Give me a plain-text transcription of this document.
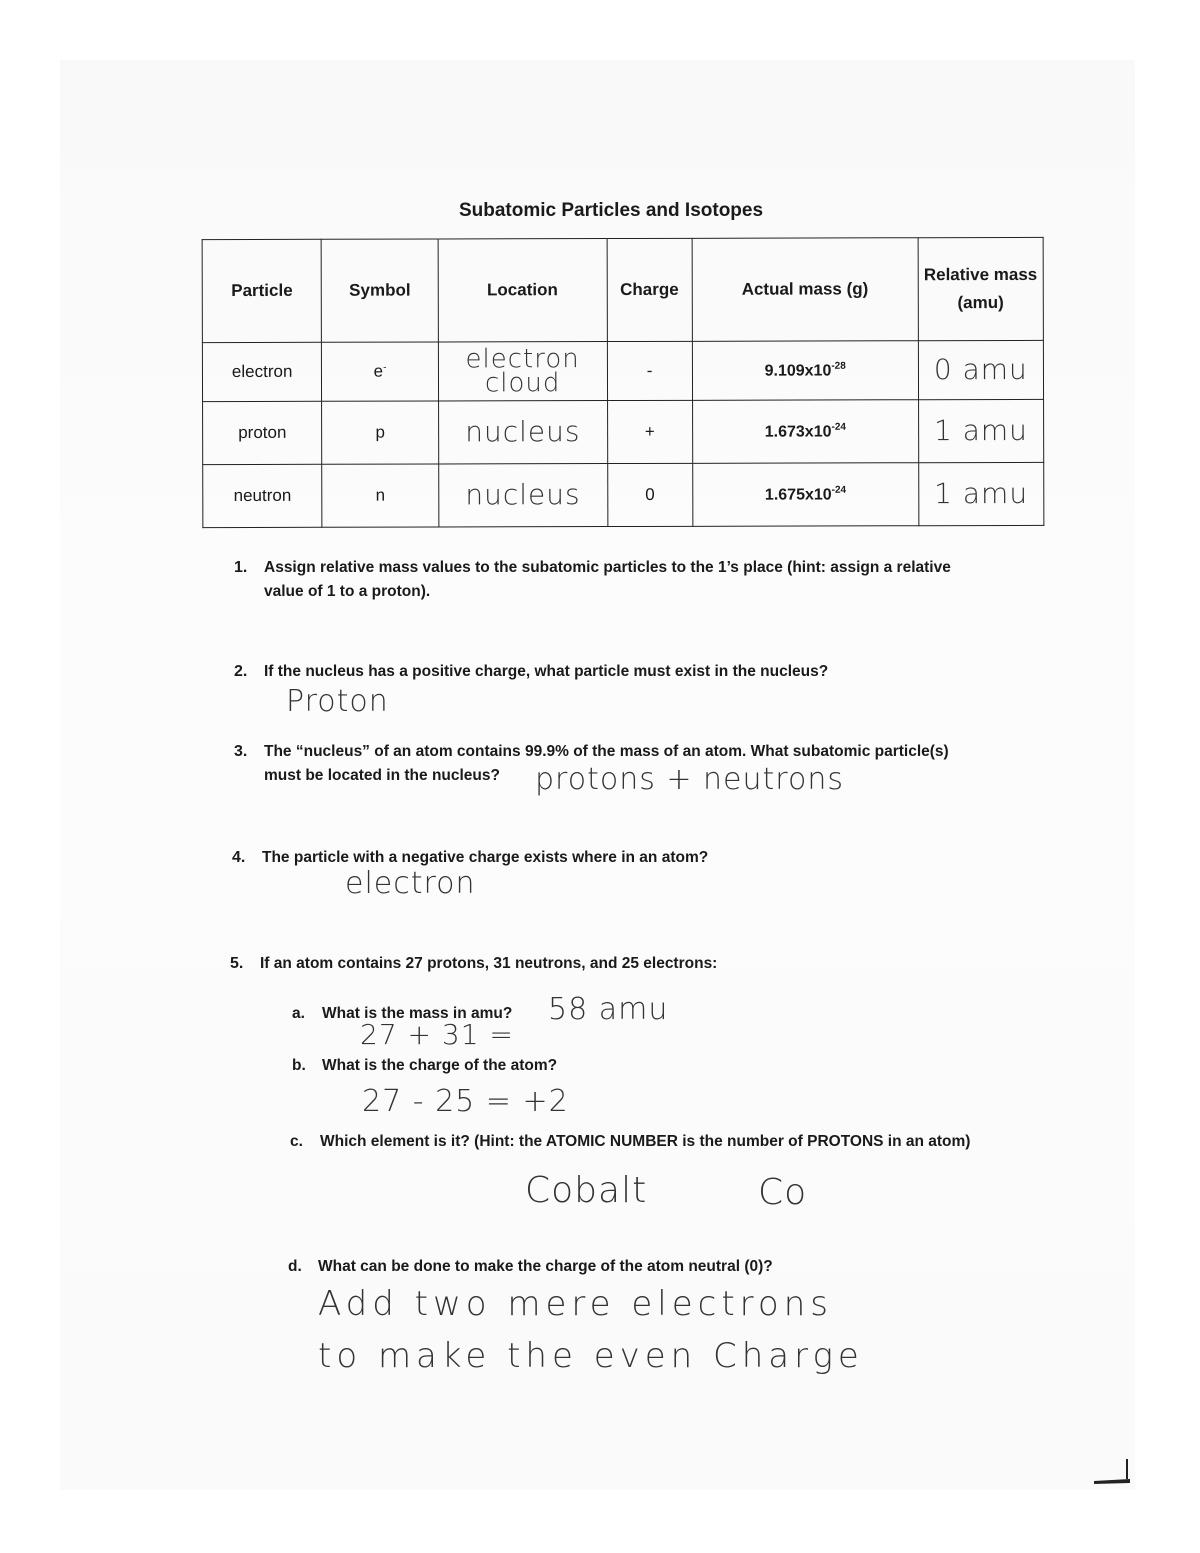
Subatomic Particles and Isotopes
Particle	Symbol	Location	Charge	Actual mass (g)	Relative mass (amu)
electron	e-	electron cloud	-	$9.109x10^{-28}$	0 amu
proton	p	nucleus	+	$1.673x10^{-24}$	1 amu
neutron	n	nucleus	0	$1.675x10^{-24}$	1 amu
1. Assign relative mass values to the subatomic particles to the 1’s place (hint: assign a relative
value of 1 to a proton).
2. If the nucleus has a positive charge, what particle must exist in the nucleus?
Proton
3. The “nucleus” of an atom contains 99.9% of the mass of an atom. What subatomic particle(s)
must be located in the nucleus?	protons + neutrons
4. The particle with a negative charge exists where in an atom?
electron
5. If an atom contains 27 protons, 31 neutrons, and 25 electrons:
a. What is the mass in amu? 58 amu
27 + 31 =
b. What is the charge of the atom?
27 - 25 = +2
c. Which element is it? (Hint: the ATOMIC NUMBER is the number of PROTONS in an atom)
Cobalt	Co
d. What can be done to make the charge of the atom neutral (0)?
Add two mere electrons
to make the even Charge
